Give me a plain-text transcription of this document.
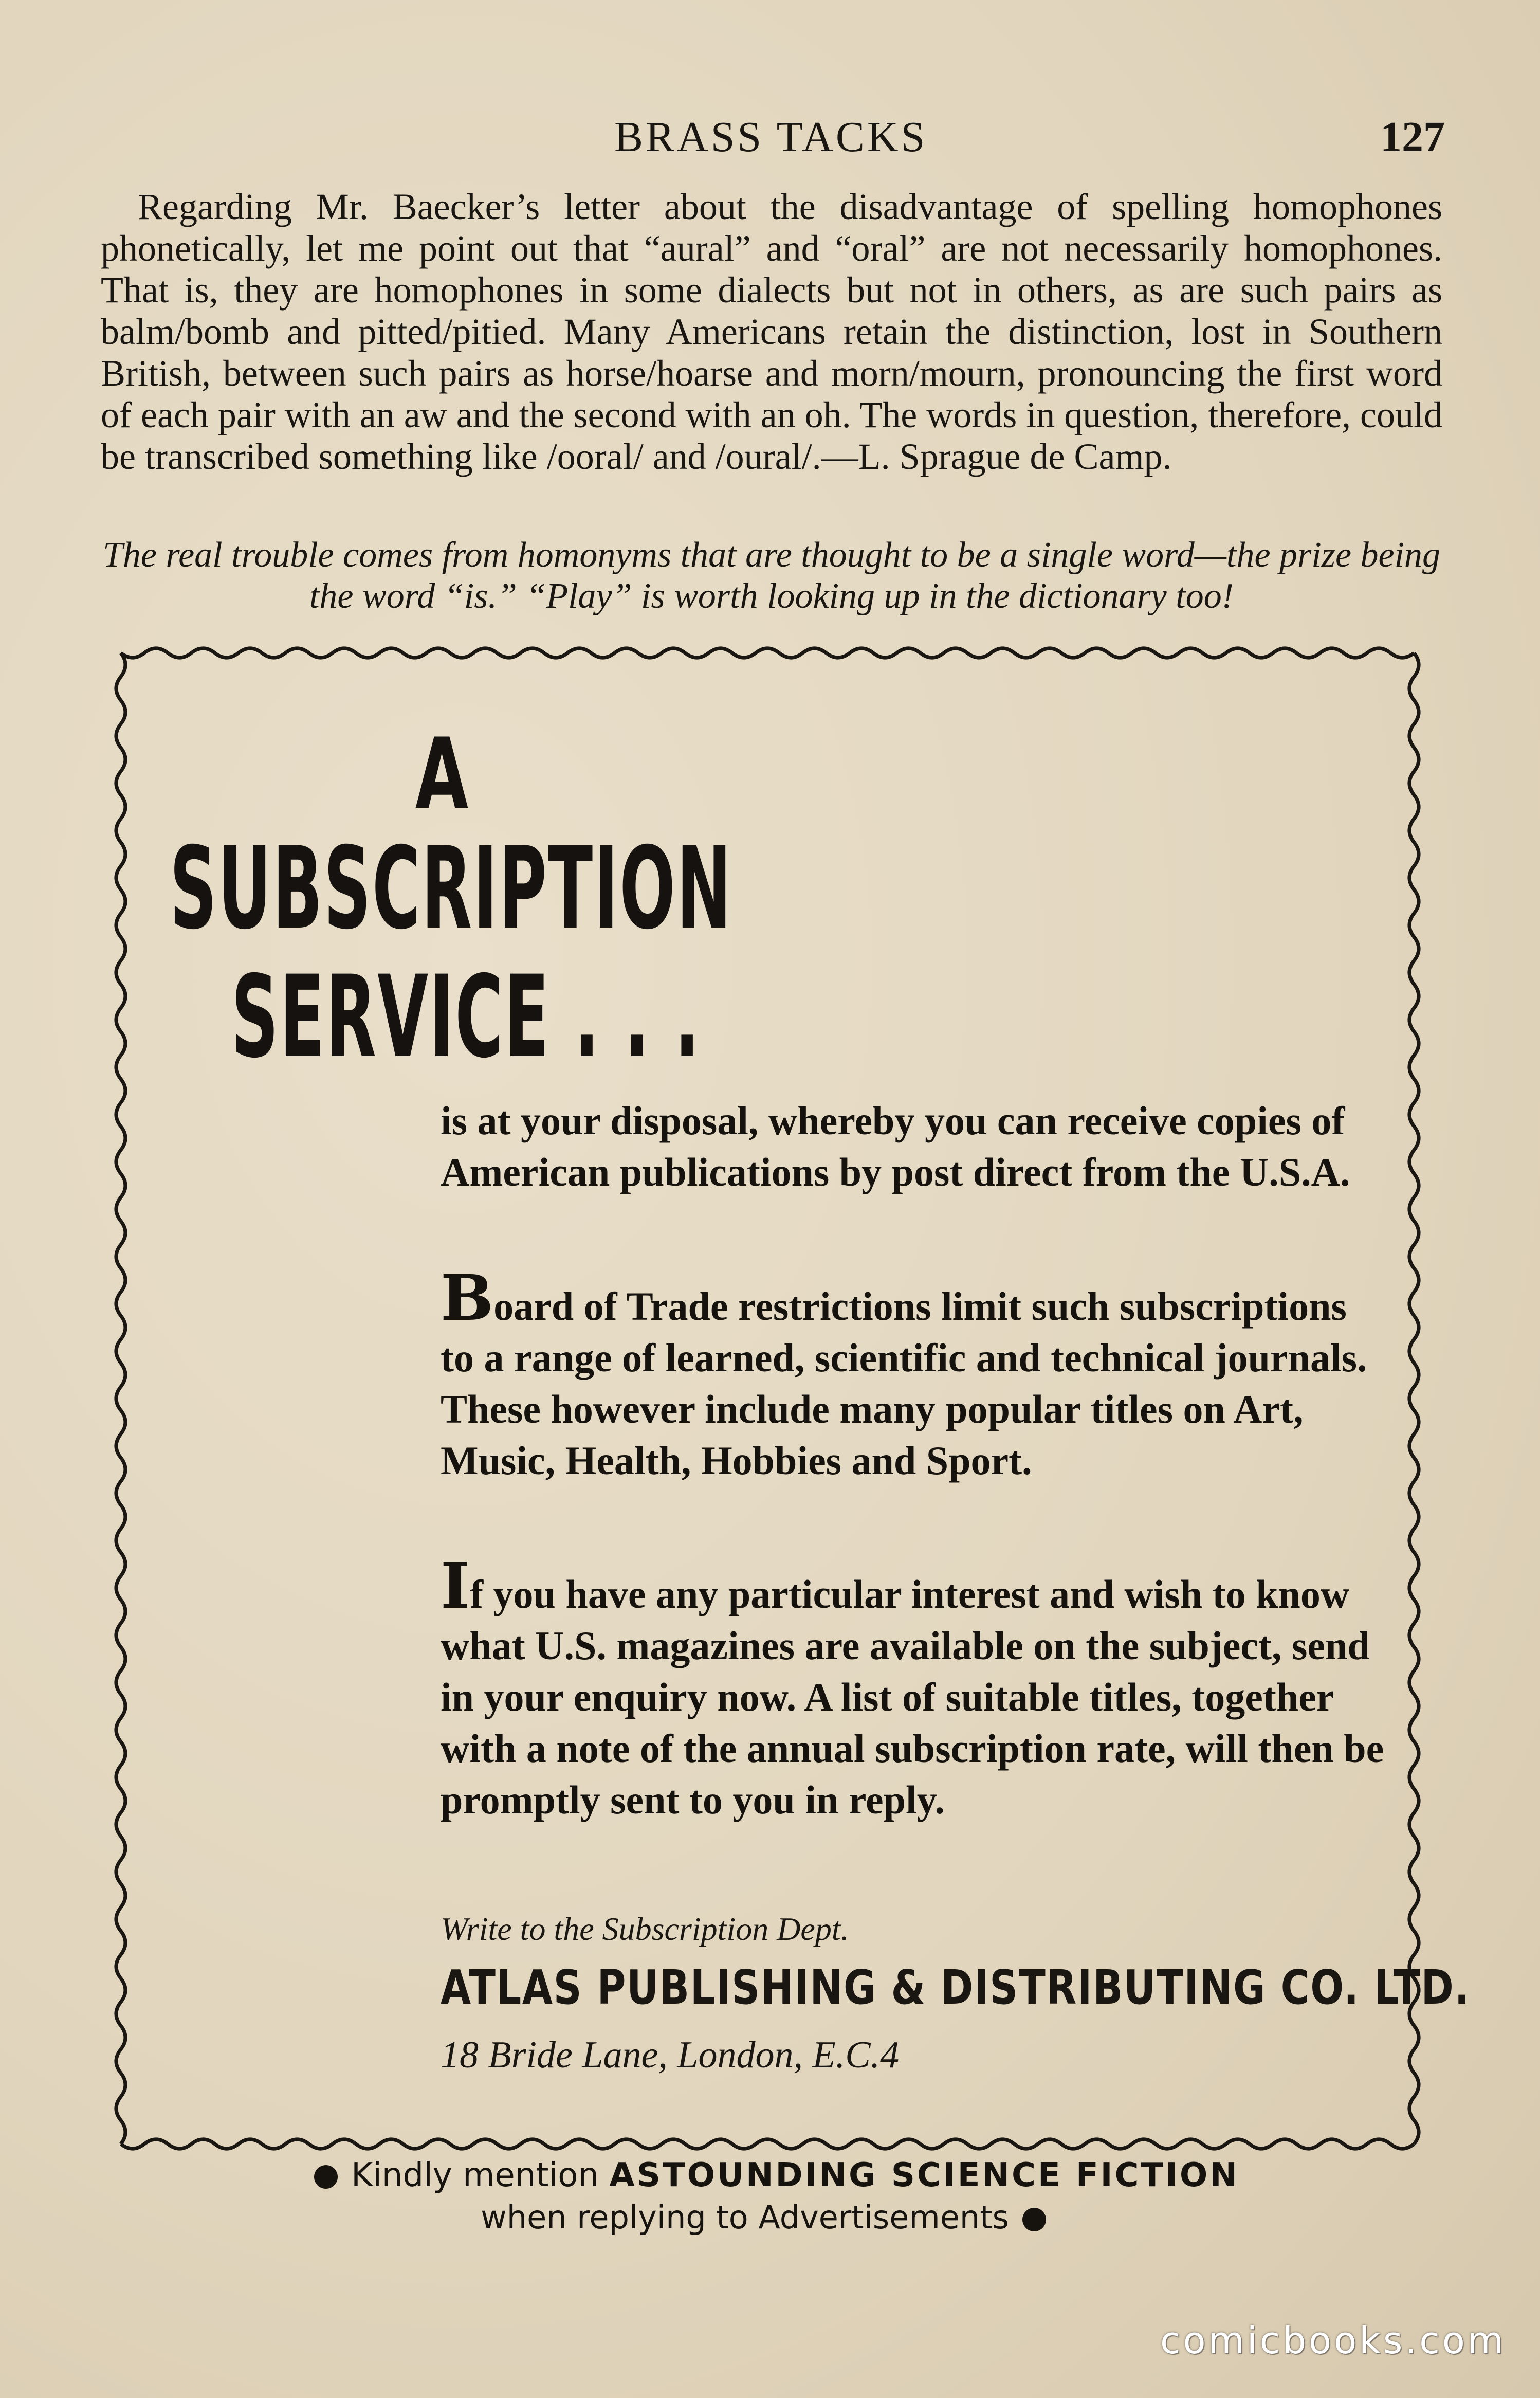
BRASS TACKS	127

Regarding Mr. Baecker’s letter about the disadvantage of spelling homophones phonetically, let me point out that “aural” and “oral” are not necessarily homophones. That is, they are homophones in some dialects but not in others, as are such pairs as balm/bomb and pitted/pitied. Many Americans retain the distinction, lost in Southern British, between such pairs as horse/hoarse and morn/mourn, pronouncing the first word of each pair with an aw and the second with an oh. The words in question, therefore, could be transcribed something like /ooral/ and /oural/.—L. Sprague de Camp.

The real trouble comes from homonyms that are thought to be a single word—the prize being the word “is.” “Play” is worth looking up in the dictionary too!

A
SUBSCRIPTION
SERVICE . . .

is at your disposal, whereby you can receive copies of American publications by post direct from the U.S.A.

Board of Trade restrictions limit such subscriptions to a range of learned, scientific and technical journals. These however include many popular titles on Art, Music, Health, Hobbies and Sport.

If you have any particular interest and wish to know what U.S. magazines are available on the subject, send in your enquiry now. A list of suitable titles, together with a note of the annual subscription rate, will then be promptly sent to you in reply.

Write to the Subscription Dept.
ATLAS PUBLISHING & DISTRIBUTING CO. LTD.
18 Bride Lane, London, E.C.4
Kindly mention ASTOUNDING SCIENCE FICTION
when replying to Advertisements
comicbooks.com
